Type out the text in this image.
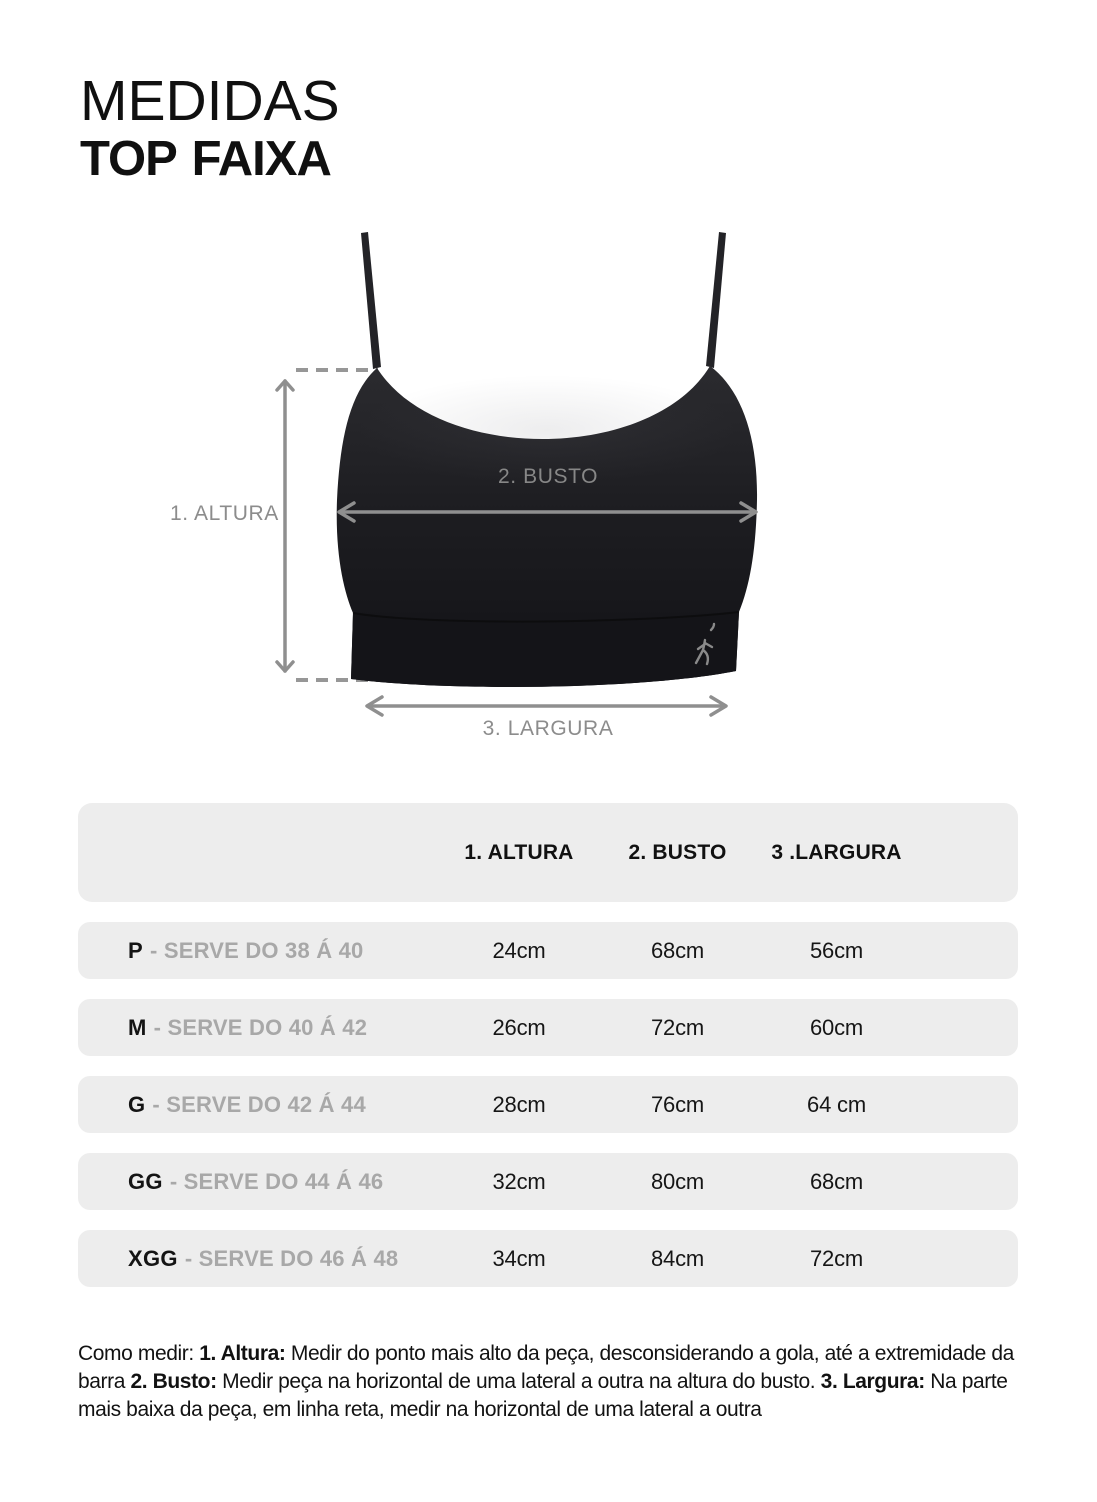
MEDIDAS
TOP FAIXA
1. ALTURA
2. BUSTO
3. LARGURA
1. ALTURA	2. BUSTO	3 .LARGURA
P - SERVE DO 38 Á 40	24cm	68cm	56cm
M - SERVE DO 40 Á 42	26cm	72cm	60cm
G - SERVE DO 42 Á 44	28cm	76cm	64 cm
GG - SERVE DO 44 Á 46	32cm	80cm	68cm
XGG - SERVE DO 46 Á 48	34cm	84cm	72cm
Como medir: 1. Altura: Medir do ponto mais alto da peça, desconsiderando a gola, até a extremidade da
barra 2. Busto: Medir peça na horizontal de uma lateral a outra na altura do busto. 3. Largura: Na parte
mais baixa da peça, em linha reta, medir na horizontal de uma lateral a outra
